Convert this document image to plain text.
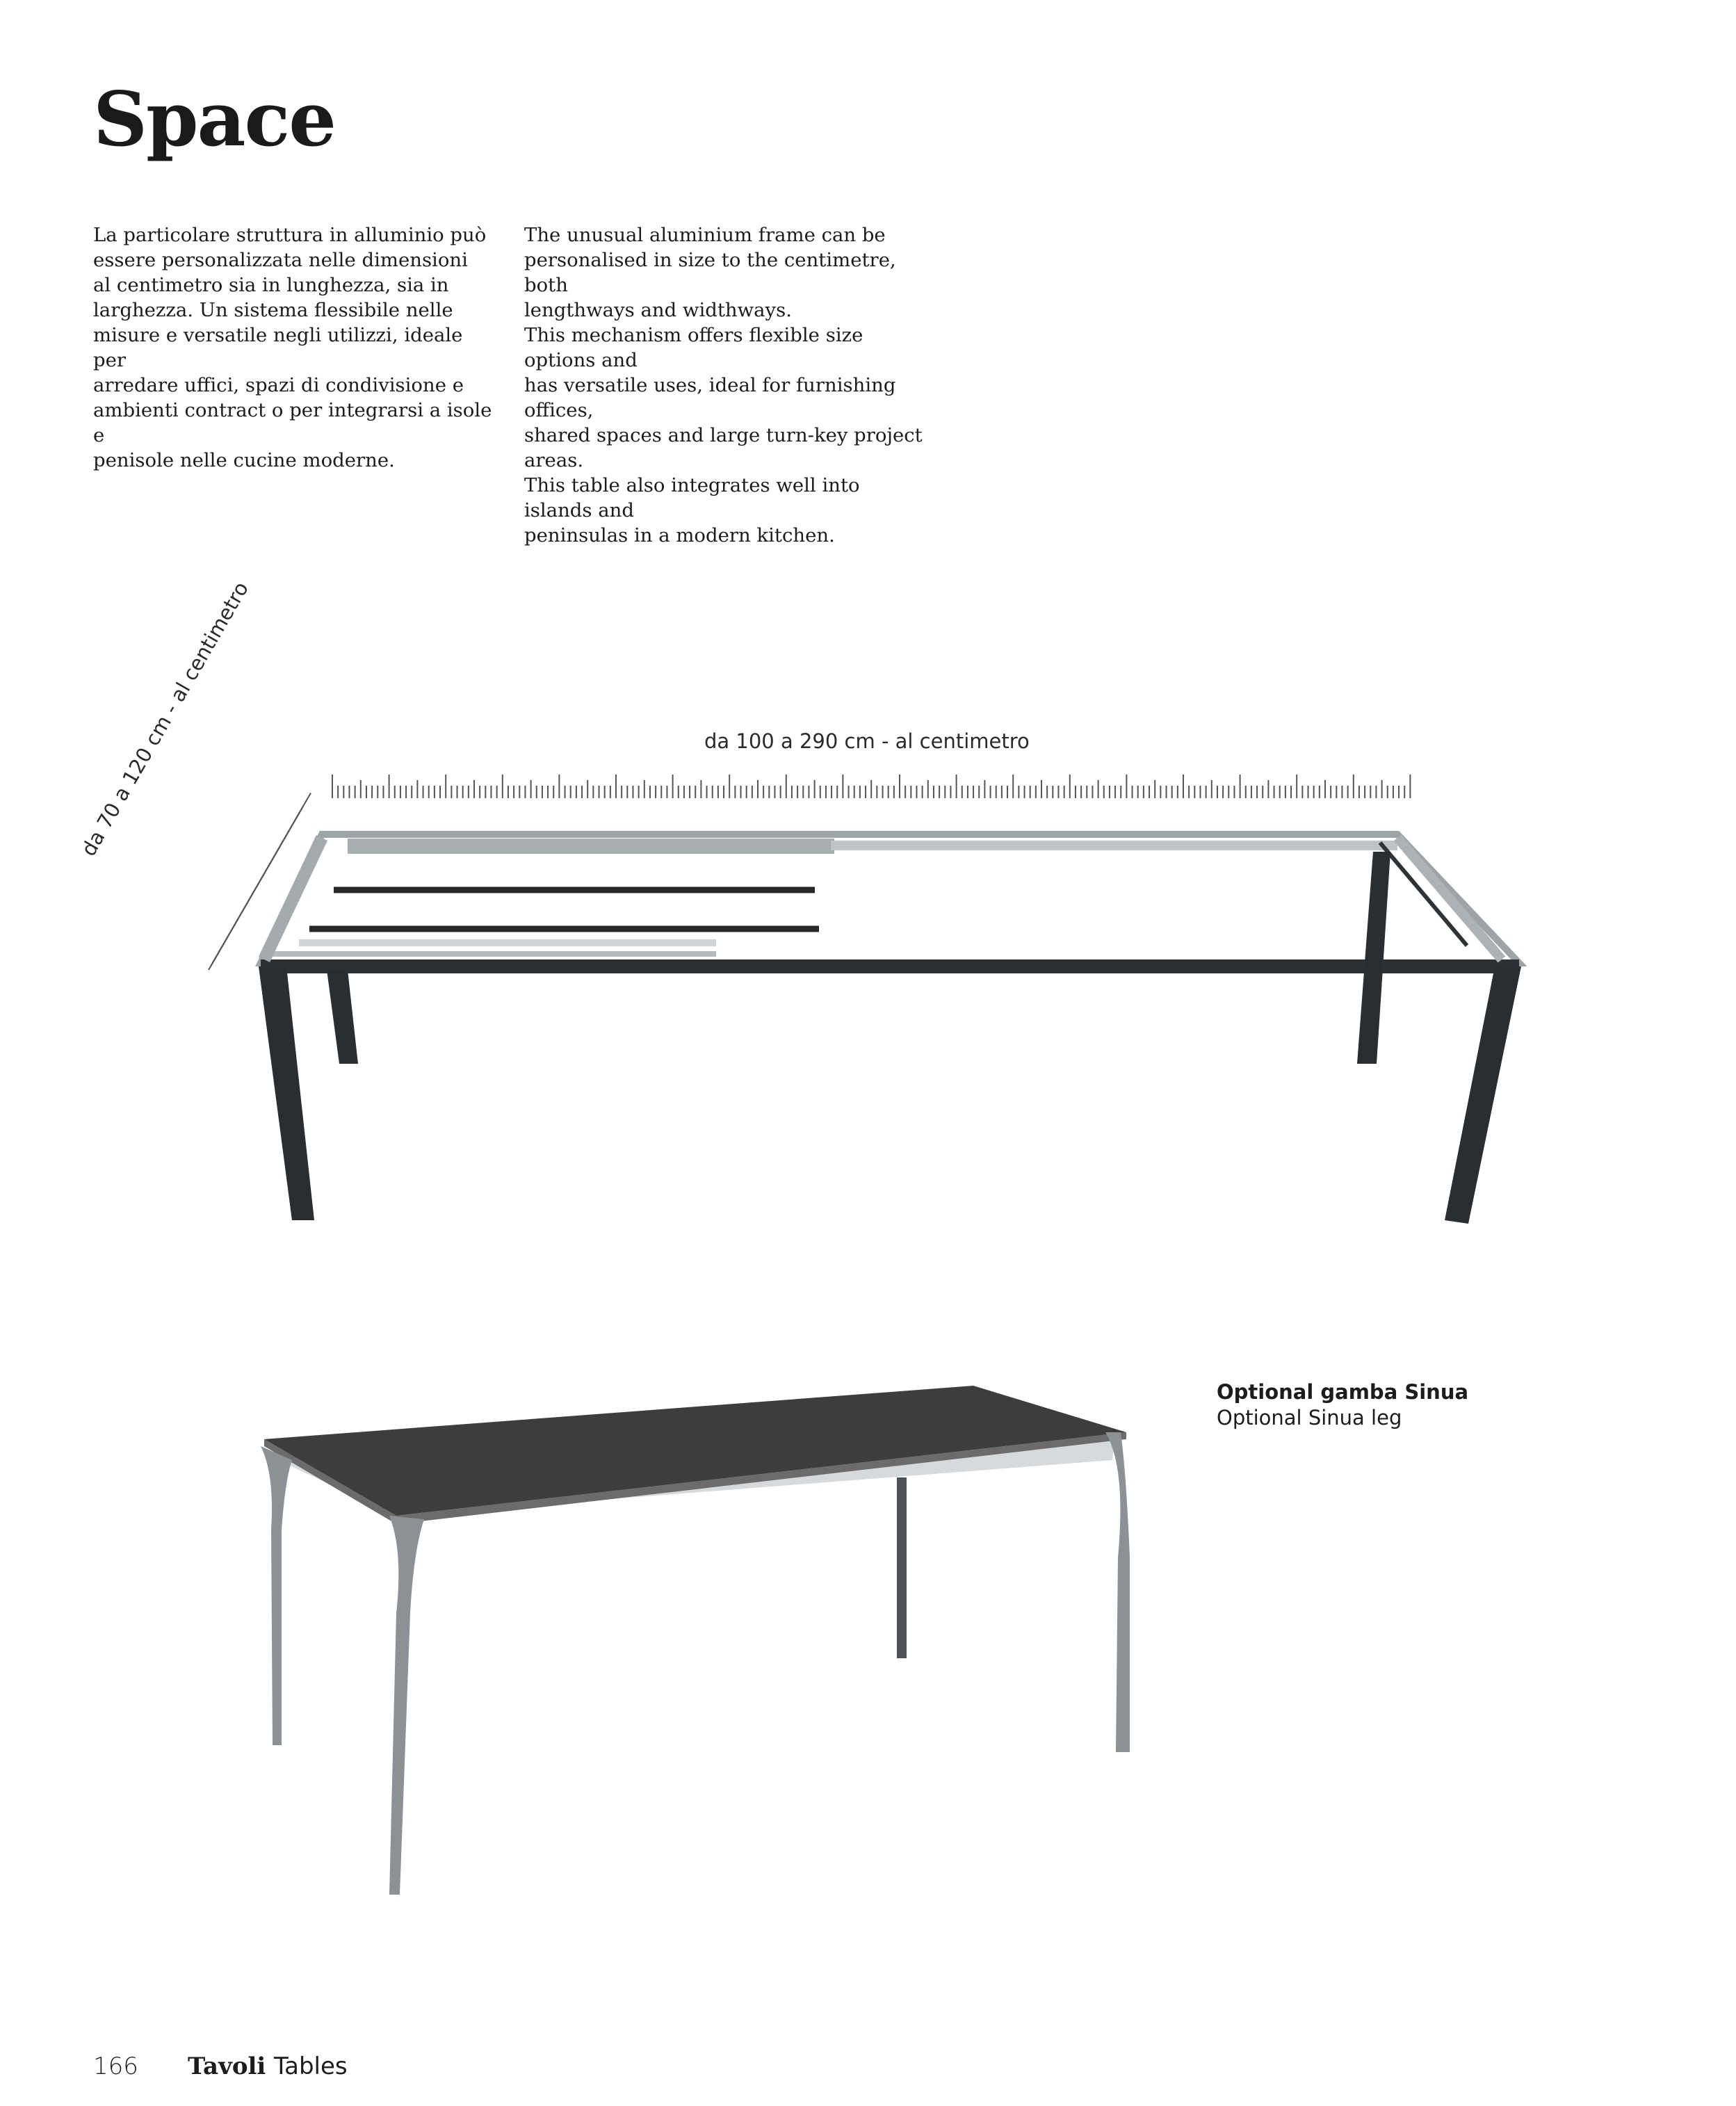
Space

La particolare struttura in alluminio può

essere personalizzata nelle dimensioni

al centimetro sia in lunghezza, sia in

larghezza. Un sistema flessibile nelle

misure e versatile negli utilizzi, ideale per

arredare uffici, spazi di condivisione e

ambienti contract o per integrarsi a isole e

penisole nelle cucine moderne.

The unusual aluminium frame can be

personalised in size to the centimetre, both

lengthways and widthways.

This mechanism offers flexible size options and

has versatile uses, ideal for furnishing offices,

shared spaces and large turn-key project areas.

This table also integrates well into islands and

peninsulas in a modern kitchen.

da 100 a 290 cm - al centimetro
da 70 a 120 cm - al centimetro
Optional gamba Sinua
Optional Sinua leg
166 Tavoli Tables
